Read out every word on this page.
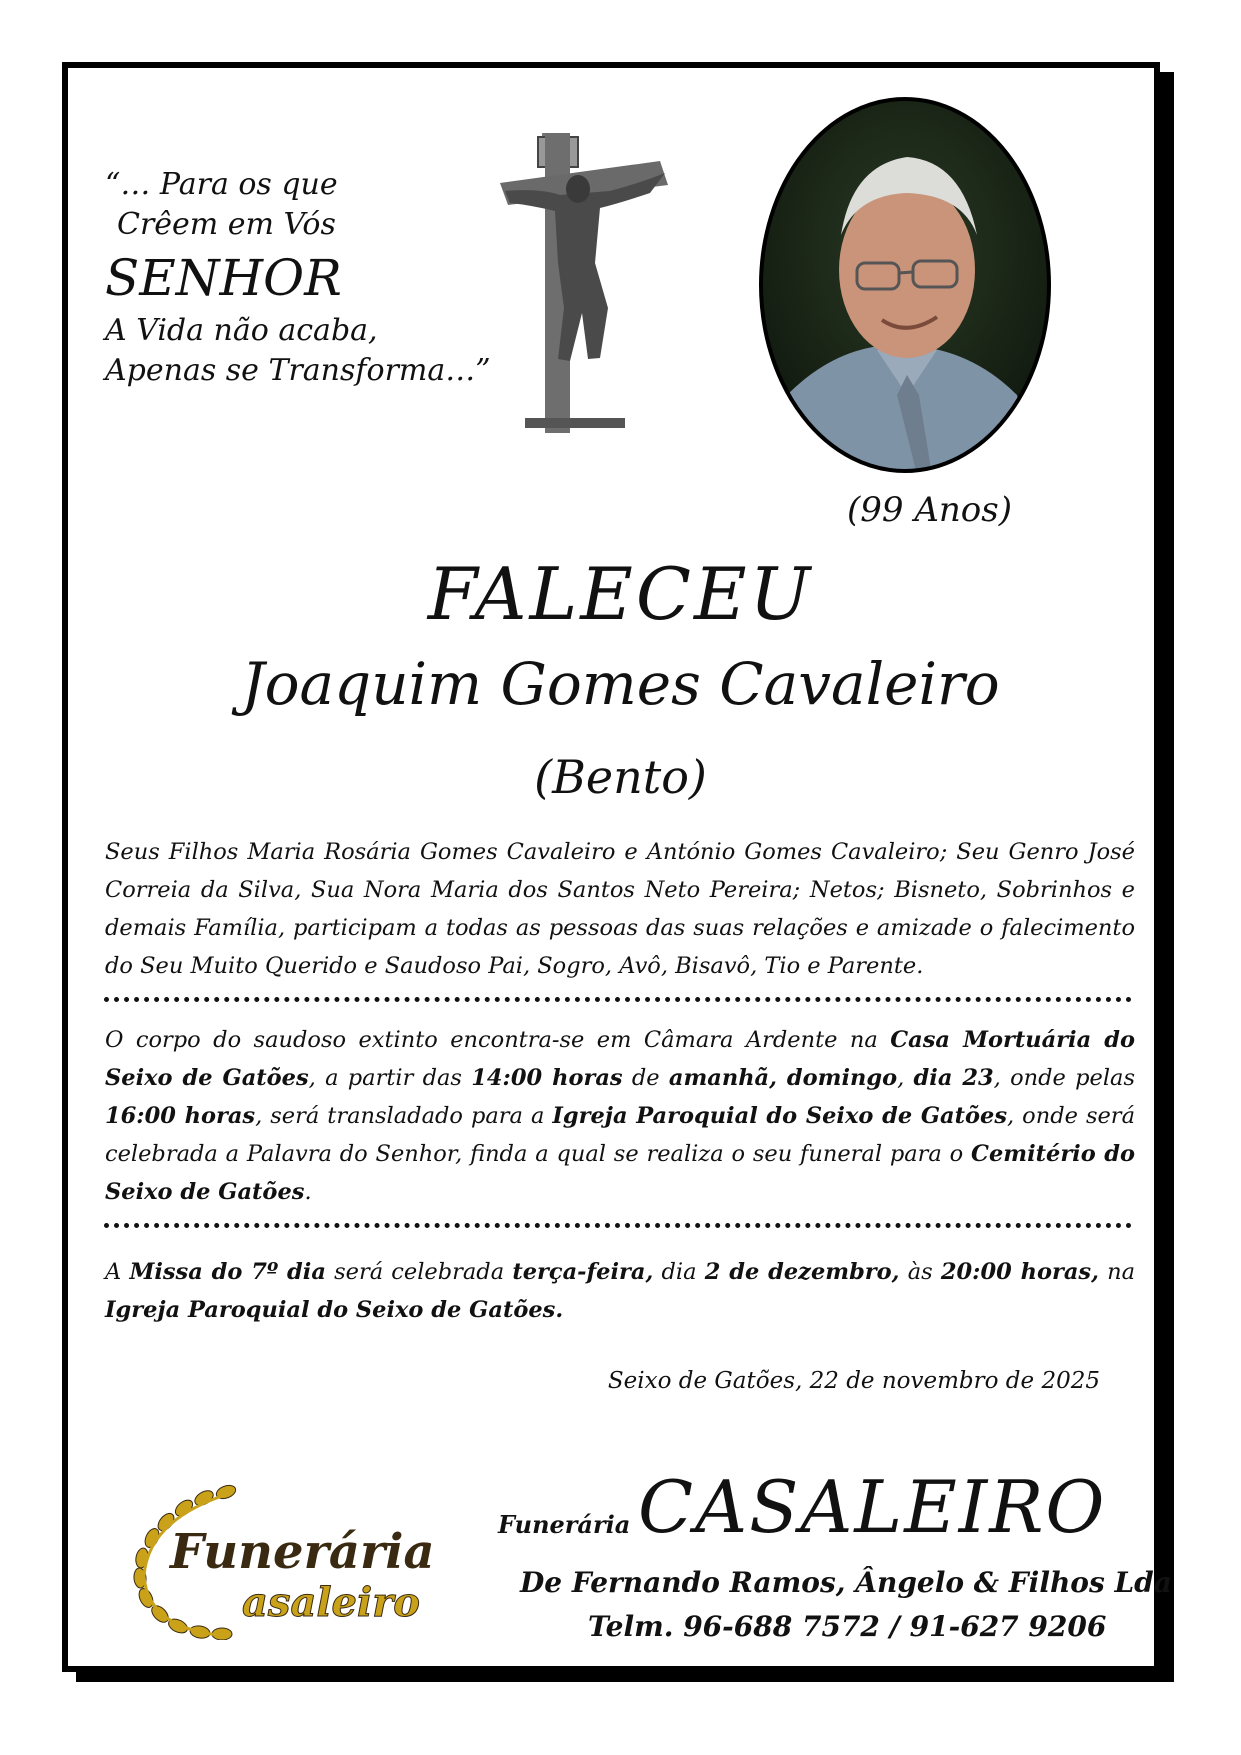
“… Para os que
Crêem em Vós
SENHOR
A Vida não acaba,
Apenas se Transforma…”
(99 Anos)
FALECEU
Joaquim Gomes Cavaleiro
(Bento)
Seus Filhos Maria Rosária Gomes Cavaleiro e António Gomes Cavaleiro; Seu Genro José Correia da Silva, Sua Nora Maria dos Santos Neto Pereira; Netos; Bisneto, Sobrinhos e demais Família, participam a todas as pessoas das suas relações e amizade o falecimento do Seu Muito Querido e Saudoso Pai, Sogro, Avô, Bisavô, Tio e Parente.
O corpo do saudoso extinto encontra-se em Câmara Ardente na Casa Mortuária do Seixo de Gatões, a partir das 14:00 horas de amanhã, domingo, dia 23, onde pelas 16:00 horas, será transladado para a Igreja Paroquial do Seixo de Gatões, onde será celebrada a Palavra do Senhor, finda a qual se realiza o seu funeral para o Cemitério do Seixo de Gatões.
A Missa do 7º dia será celebrada terça-feira, dia 2 de dezembro, às 20:00 horas, na Igreja Paroquial do Seixo de Gatões.
Seixo de Gatões, 22 de novembro de 2025
Funerária
asaleiro
Funerária CASALEIRO
De Fernando Ramos, Ângelo & Filhos Lda
Telm. 96-688 7572 / 91-627 9206
